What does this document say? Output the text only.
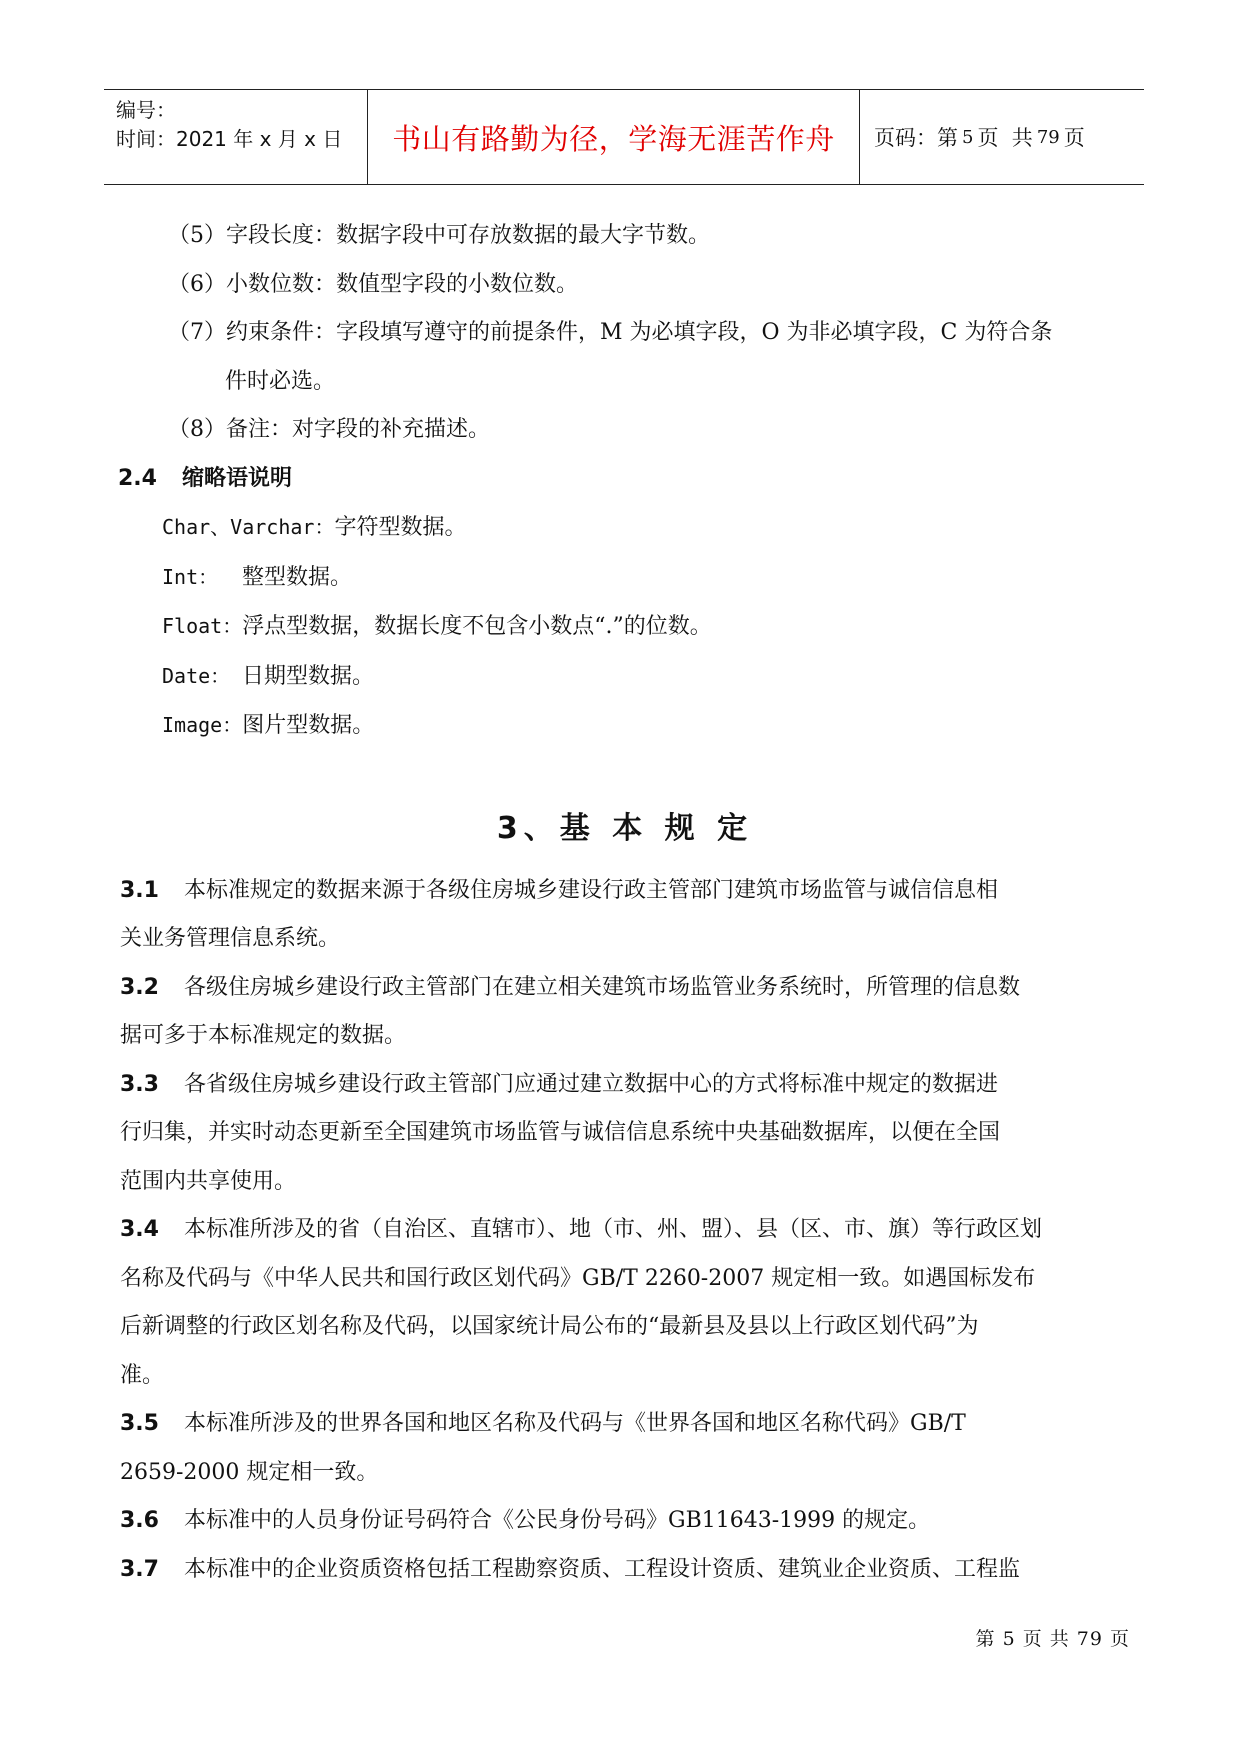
编号：
时间：2021 年 x 月 x 日	书山有路勤为径，学海无涯苦作舟 页码：第 5 页  共 79 页
（5）字段长度：数据字段中可存放数据的最大字节数。
（6）小数位数：数值型字段的小数位数。
（7）约束条件：字段填写遵守的前提条件，M 为必填字段，O 为非必填字段，C 为符合条
件时必选。
（8）备注：对字段的补充描述。
2.4 缩略语说明
Char、Varchar：字符型数据。
Int： 整型数据。
Float：浮点型数据，数据长度不包含小数点“.”的位数。
Date： 日期型数据。
Image：图片型数据。
3、基 本 规 定
3.1 本标准规定的数据来源于各级住房城乡建设行政主管部门建筑市场监管与诚信信息相
关业务管理信息系统。
3.2 各级住房城乡建设行政主管部门在建立相关建筑市场监管业务系统时，所管理的信息数
据可多于本标准规定的数据。
3.3 各省级住房城乡建设行政主管部门应通过建立数据中心的方式将标准中规定的数据进
行归集，并实时动态更新至全国建筑市场监管与诚信信息系统中央基础数据库，以便在全国
范围内共享使用。
3.4 本标准所涉及的省（自治区、直辖市）、地（市、州、盟）、县（区、市、旗）等行政区划
名称及代码与《中华人民共和国行政区划代码》GB/T 2260-2007 规定相一致。如遇国标发布
后新调整的行政区划名称及代码，以国家统计局公布的“最新县及县以上行政区划代码”为
准。
3.5 本标准所涉及的世界各国和地区名称及代码与《世界各国和地区名称代码》GB/T
2659-2000 规定相一致。
3.6 本标准中的人员身份证号码符合《公民身份号码》GB11643-1999 的规定。
3.7 本标准中的企业资质资格包括工程勘察资质、工程设计资质、建筑业企业资质、工程监
第 5 页 共 79 页
